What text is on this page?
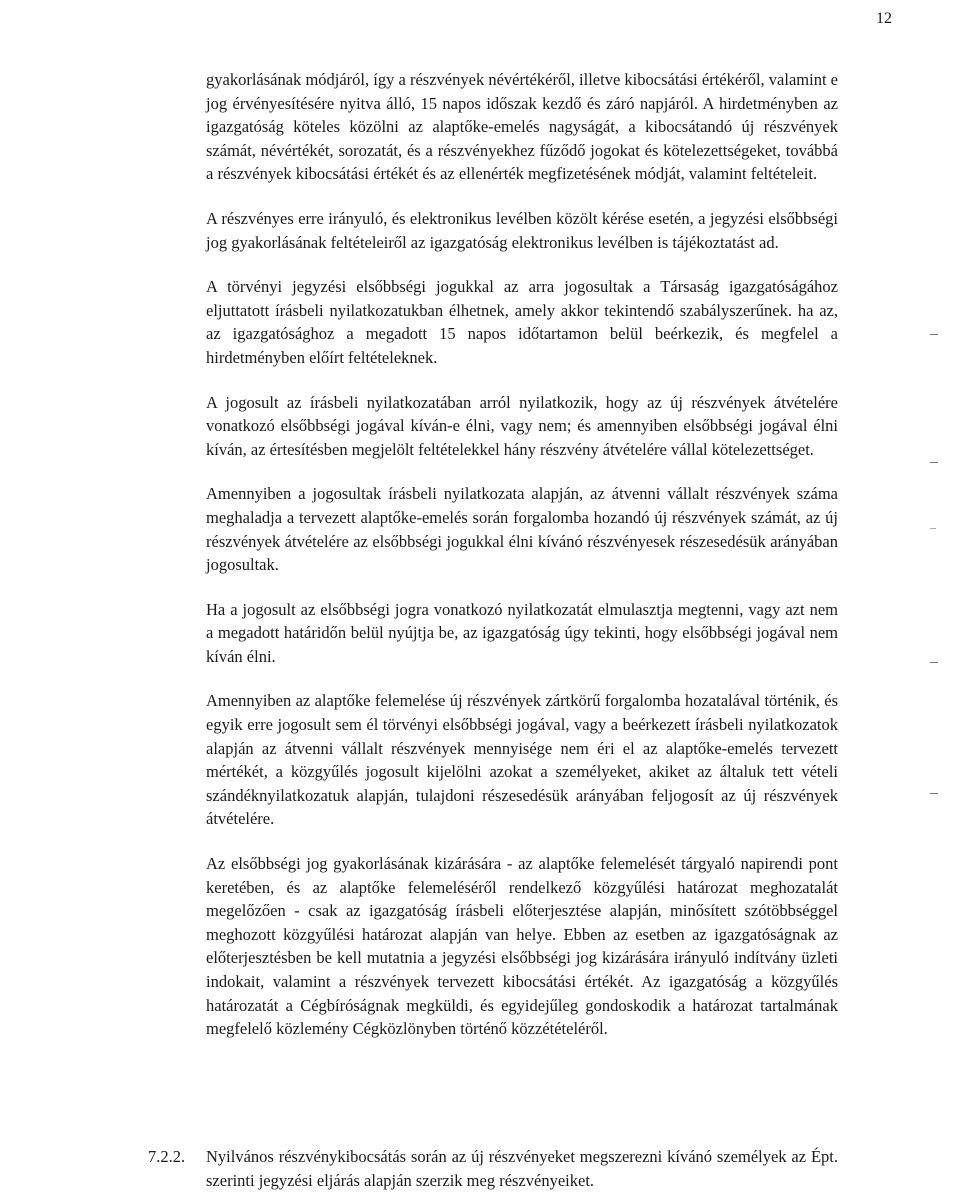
12

gyakorlásának módjáról, így a részvények névértékéről, illetve kibocsátási értékéről, valamint e jog érvényesítésére nyitva álló, 15 napos időszak kezdő és záró napjáról. A hirdetményben az igazgatóság köteles közölni az alaptőke-emelés nagyságát, a kibocsátandó új részvények számát, névértékét, sorozatát, és a részvényekhez fűződő jogokat és kötelezettségeket, továbbá a részvények kibocsátási értékét és az ellenérték megfizetésének módját, valamint feltételeit.

A részvényes erre irányuló, és elektronikus levélben közölt kérése esetén, a jegyzési elsőbbségi jog gyakorlásának feltételeiről az igazgatóság elektronikus levélben is tájékoztatást ad.

A törvényi jegyzési elsőbbségi jogukkal az arra jogosultak a Társaság igazgatóságához eljuttatott írásbeli nyilatkozatukban élhetnek, amely akkor tekintendő szabályszerűnek. ha az, az igazgatósághoz a megadott 15 napos időtartamon belül beérkezik, és megfelel a hirdetményben előírt feltételeknek.

A jogosult az írásbeli nyilatkozatában arról nyilatkozik, hogy az új részvények átvételére vonatkozó elsőbbségi jogával kíván-e élni, vagy nem; és amennyiben elsőbbségi jogával élni kíván, az értesítésben megjelölt feltételekkel hány részvény átvételére vállal kötelezettséget.

Amennyiben a jogosultak írásbeli nyilatkozata alapján, az átvenni vállalt részvények száma meghaladja a tervezett alaptőke-emelés során forgalomba hozandó új részvények számát, az új részvények átvételére az elsőbbségi jogukkal élni kívánó részvényesek részesedésük arányában jogosultak.

Ha a jogosult az elsőbbségi jogra vonatkozó nyilatkozatát elmulasztja megtenni, vagy azt nem a megadott határidőn belül nyújtja be, az igazgatóság úgy tekinti, hogy elsőbbségi jogával nem kíván élni.

Amennyiben az alaptőke felemelése új részvények zártkörű forgalomba hozatalával történik, és egyik erre jogosult sem él törvényi elsőbbségi jogával, vagy a beérkezett írásbeli nyilatkozatok alapján az átvenni vállalt részvények mennyisége nem éri el az alaptőke-emelés tervezett mértékét, a közgyűlés jogosult kijelölni azokat a személyeket, akiket az általuk tett vételi szándéknyilatkozatuk alapján, tulajdoni részesedésük arányában feljogosít az új részvények átvételére.

Az elsőbbségi jog gyakorlásának kizárására - az alaptőke felemelését tárgyaló napirendi pont keretében, és az alaptőke felemeléséről rendelkező közgyűlési határozat meghozatalát megelőzően - csak az igazgatóság írásbeli előterjesztése alapján, minősített szótöbbséggel meghozott közgyűlési határozat alapján van helye. Ebben az esetben az igazgatóságnak az előterjesztésben be kell mutatnia a jegyzési elsőbbségi jog kizárására irányuló indítvány üzleti indokait, valamint a részvények tervezett kibocsátási értékét. Az igazgatóság a közgyűlés határozatát a Cégbíróságnak megküldi, és egyidejűleg gondoskodik a határozat tartalmának megfelelő közlemény Cégközlönyben történő közzétételéről.

7.2.2.	Nyilvános részvénykibocsátás során az új részvényeket megszerezni kívánó személyek az Épt. szerinti jegyzési eljárás alapján szerzik meg részvényeiket.
